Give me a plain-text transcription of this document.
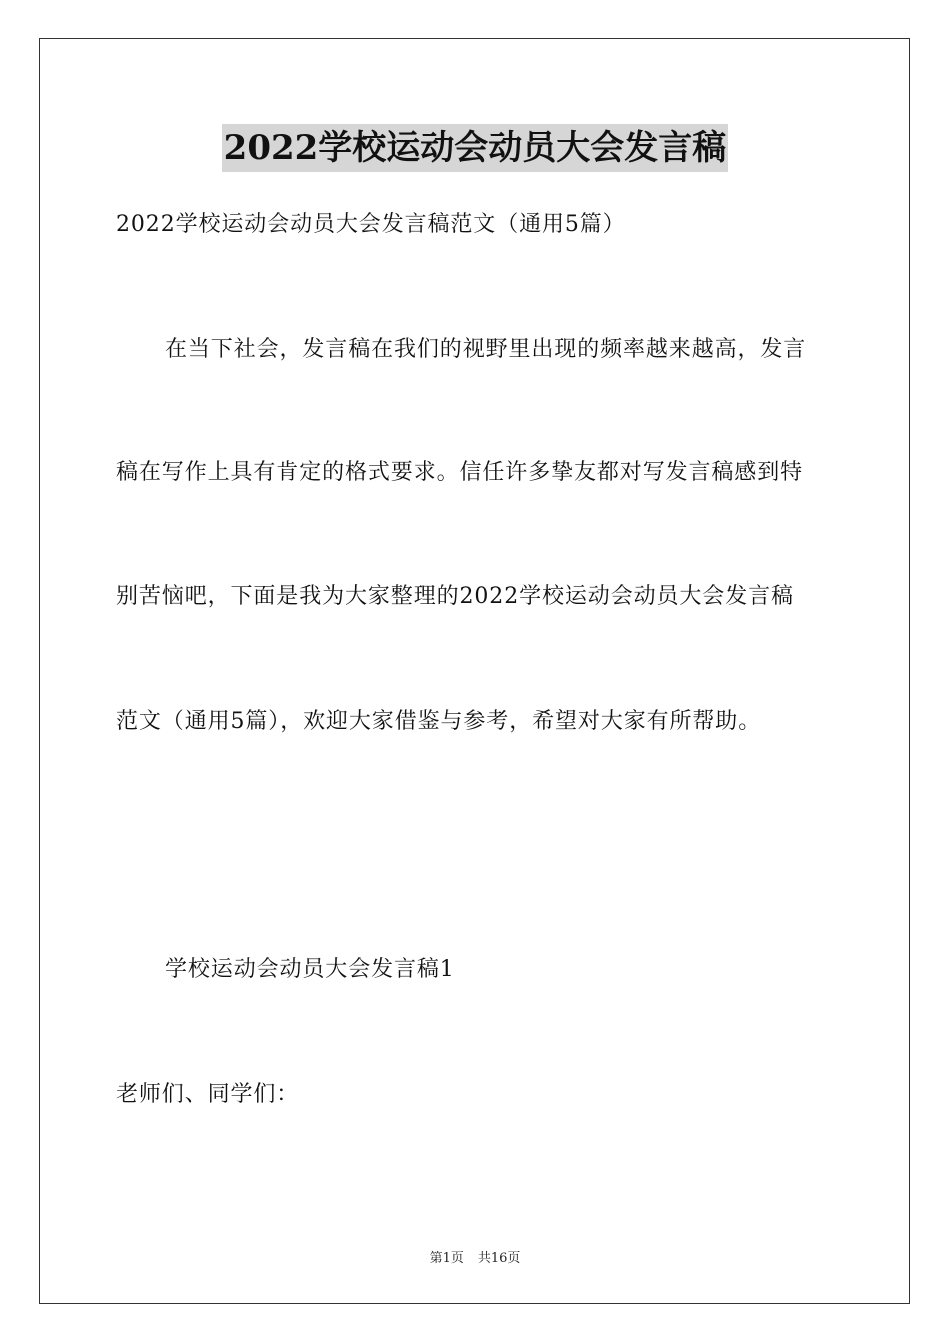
2022学校运动会动员大会发言稿
2022学校运动会动员大会发言稿范文（通用5篇）
在当下社会，发言稿在我们的视野里出现的频率越来越高，发言
稿在写作上具有肯定的格式要求。信任许多挚友都对写发言稿感到特
别苦恼吧，下面是我为大家整理的2022学校运动会动员大会发言稿
范文（通用5篇），欢迎大家借鉴与参考，希望对大家有所帮助。
学校运动会动员大会发言稿1
老师们、同学们：
第1页 共16页
